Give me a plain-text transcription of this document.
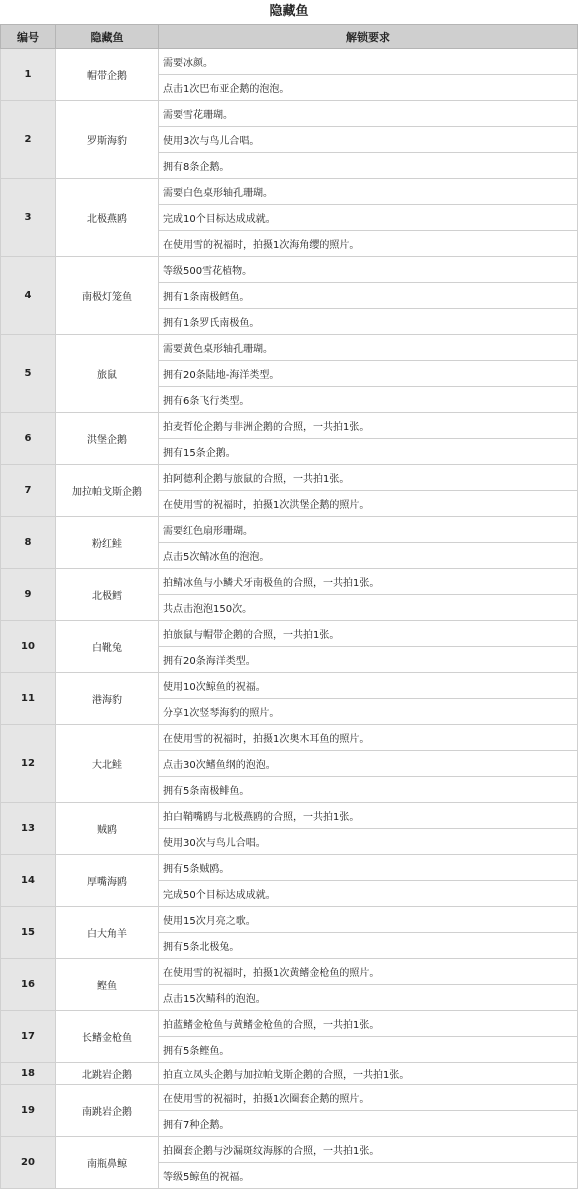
隐藏鱼
编号	隐藏鱼	解锁要求
1	帽带企鹅	需要冰颜。
		点击1次巴布亚企鹅的泡泡。
2	罗斯海豹	需要雪花珊瑚。
		使用3次与鸟儿合唱。
		拥有8条企鹅。
3	北极燕鸥	需要白色桌形轴孔珊瑚。
		完成10个目标达成成就。
		在使用雪的祝福时，拍摄1次海角缨的照片。
4	南极灯笼鱼	等级500雪花植物。
		拥有1条南极鳕鱼。
		拥有1条罗氏南极鱼。
5	旅鼠	需要黄色桌形轴孔珊瑚。
		拥有20条陆地-海洋类型。
		拥有6条飞行类型。
6	洪堡企鹅	拍麦哲伦企鹅与非洲企鹅的合照，一共拍1张。
		拥有15条企鹅。
7	加拉帕戈斯企鹅	拍阿德利企鹅与旅鼠的合照，一共拍1张。
		在使用雪的祝福时，拍摄1次洪堡企鹅的照片。
8	粉红鲑	需要红色扇形珊瑚。
		点击5次鲭冰鱼的泡泡。
9	北极鳕	拍鲭冰鱼与小鳞犬牙南极鱼的合照，一共拍1张。
		共点击泡泡150次。
10	白靴兔	拍旅鼠与帽带企鹅的合照，一共拍1张。
		拥有20条海洋类型。
11	港海豹	使用10次鲸鱼的祝福。
		分享1次竖琴海豹的照片。
12	大北鲑	在使用雪的祝福时，拍摄1次奥木耳鱼的照片。
		点击30次鳍鱼纲的泡泡。
		拥有5条南极鲱鱼。
13	贼鸥	拍白鞘嘴鸥与北极燕鸥的合照，一共拍1张。
		使用30次与鸟儿合唱。
14	厚嘴海鸥	拥有5条贼鸥。
		完成50个目标达成成就。
15	白大角羊	使用15次月亮之歌。
		拥有5条北极兔。
16	鲣鱼	在使用雪的祝福时，拍摄1次黄鳍金枪鱼的照片。
		点击15次鲭科的泡泡。
17	长鳍金枪鱼	拍蓝鳍金枪鱼与黄鳍金枪鱼的合照，一共拍1张。
		拥有5条鲣鱼。
18	北跳岩企鹅	拍直立凤头企鹅与加拉帕戈斯企鹅的合照，一共拍1张。
19	南跳岩企鹅	在使用雪的祝福时，拍摄1次圈套企鹅的照片。
		拥有7种企鹅。
20	南瓶鼻鲸	拍圈套企鹅与沙漏斑纹海豚的合照，一共拍1张。
		等级5鲸鱼的祝福。
